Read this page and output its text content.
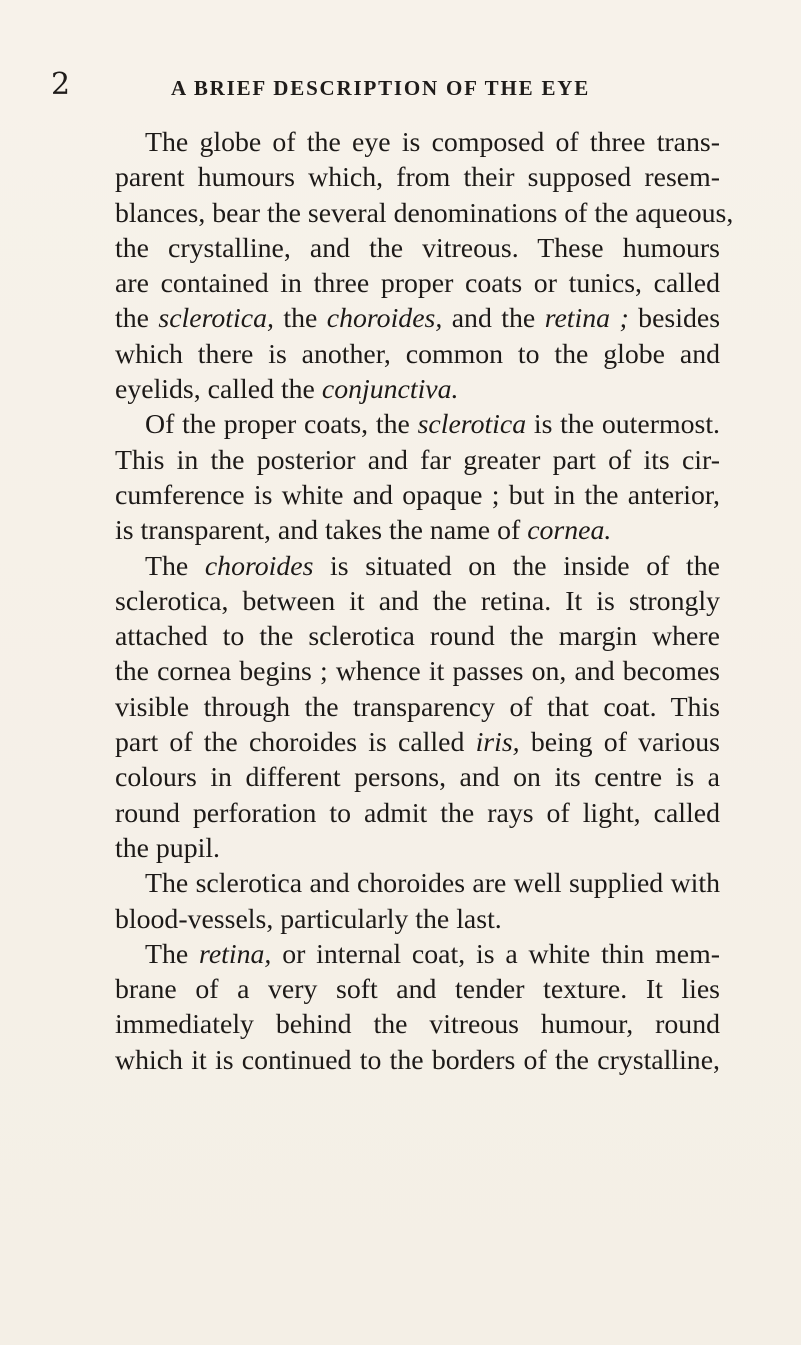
2	A BRIEF DESCRIPTION OF THE EYE
The globe of the eye is composed of three trans-
parent humours which, from their supposed resem-
blances, bear the several denominations of the aqueous,
the crystalline, and the vitreous. These humours
are contained in three proper coats or tunics, called
the sclerotica, the choroides, and the retina ; besides
which there is another, common to the globe and
eyelids, called the conjunctiva.
Of the proper coats, the sclerotica is the outermost.
This in the posterior and far greater part of its cir-
cumference is white and opaque ; but in the anterior,
is transparent, and takes the name of cornea.
The choroides is situated on the inside of the
sclerotica, between it and the retina. It is strongly
attached to the sclerotica round the margin where
the cornea begins ; whence it passes on, and becomes
visible through the transparency of that coat. This
part of the choroides is called iris, being of various
colours in different persons, and on its centre is a
round perforation to admit the rays of light, called
the pupil.
The sclerotica and choroides are well supplied with
blood-vessels, particularly the last.
The retina, or internal coat, is a white thin mem-
brane of a very soft and tender texture. It lies
immediately behind the vitreous humour, round
which it is continued to the borders of the crystalline,
